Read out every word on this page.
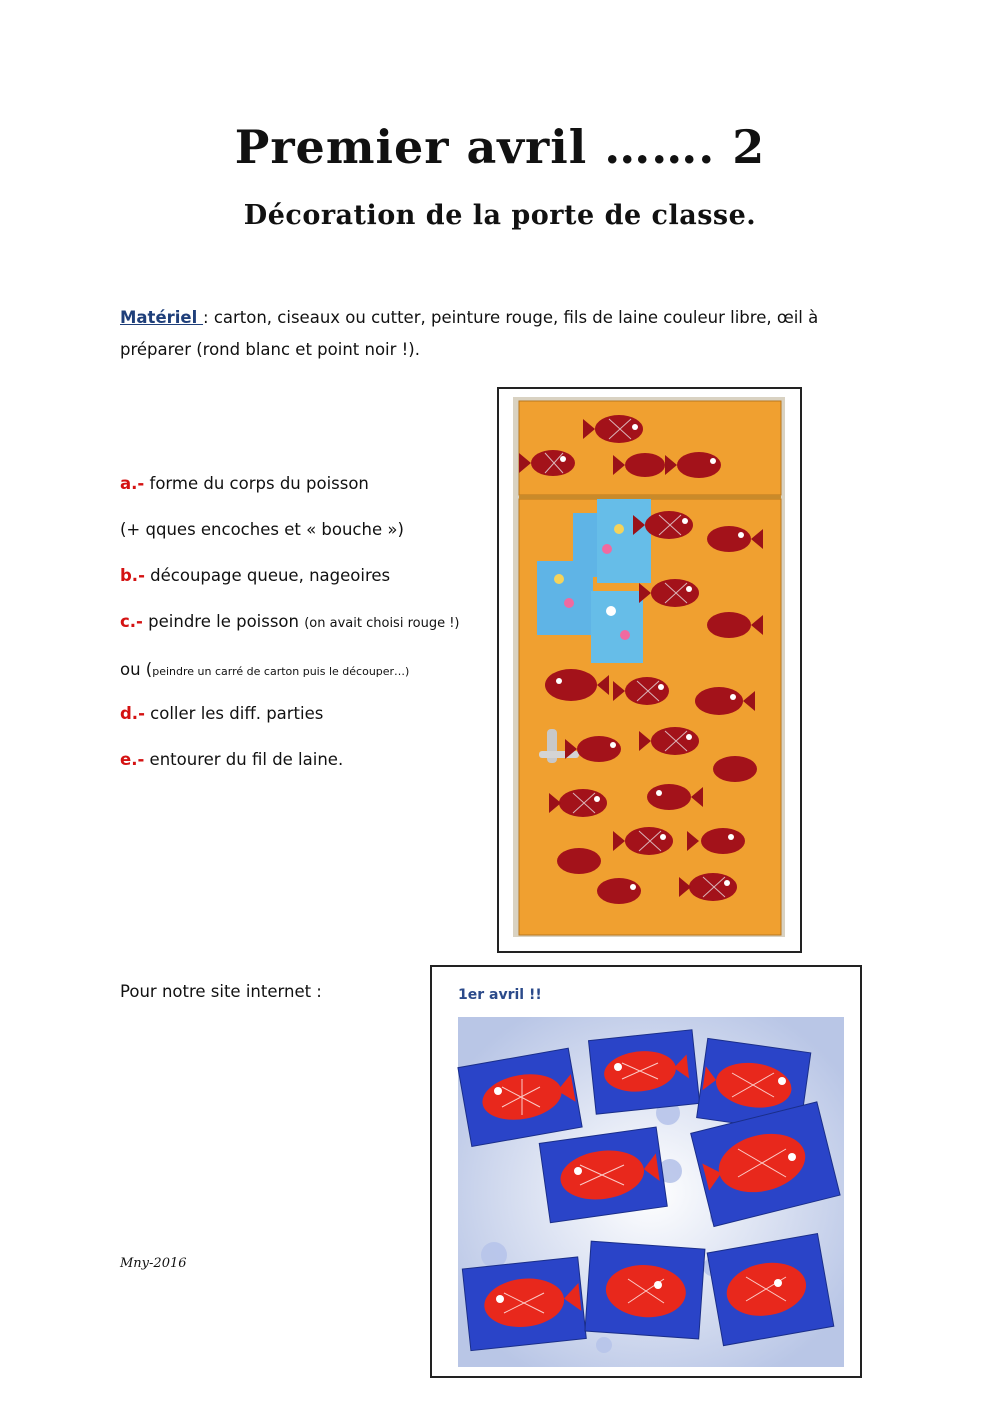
Premier avril ……. 2
Décoration de la porte de classe.
Matériel : carton, ciseaux ou cutter, peinture rouge, fils de laine couleur libre, œil à préparer (rond blanc et point noir !).
a.- forme du corps du poisson
(+ qques encoches et « bouche »)
b.- découpage queue, nageoires
c.- peindre le poisson (on avait choisi rouge !)
ou (peindre un carré de carton puis le découper…)
d.- coller les diff. parties
e.- entourer du fil de laine.
Pour notre site internet :
Mny-2016
1er avril !!
